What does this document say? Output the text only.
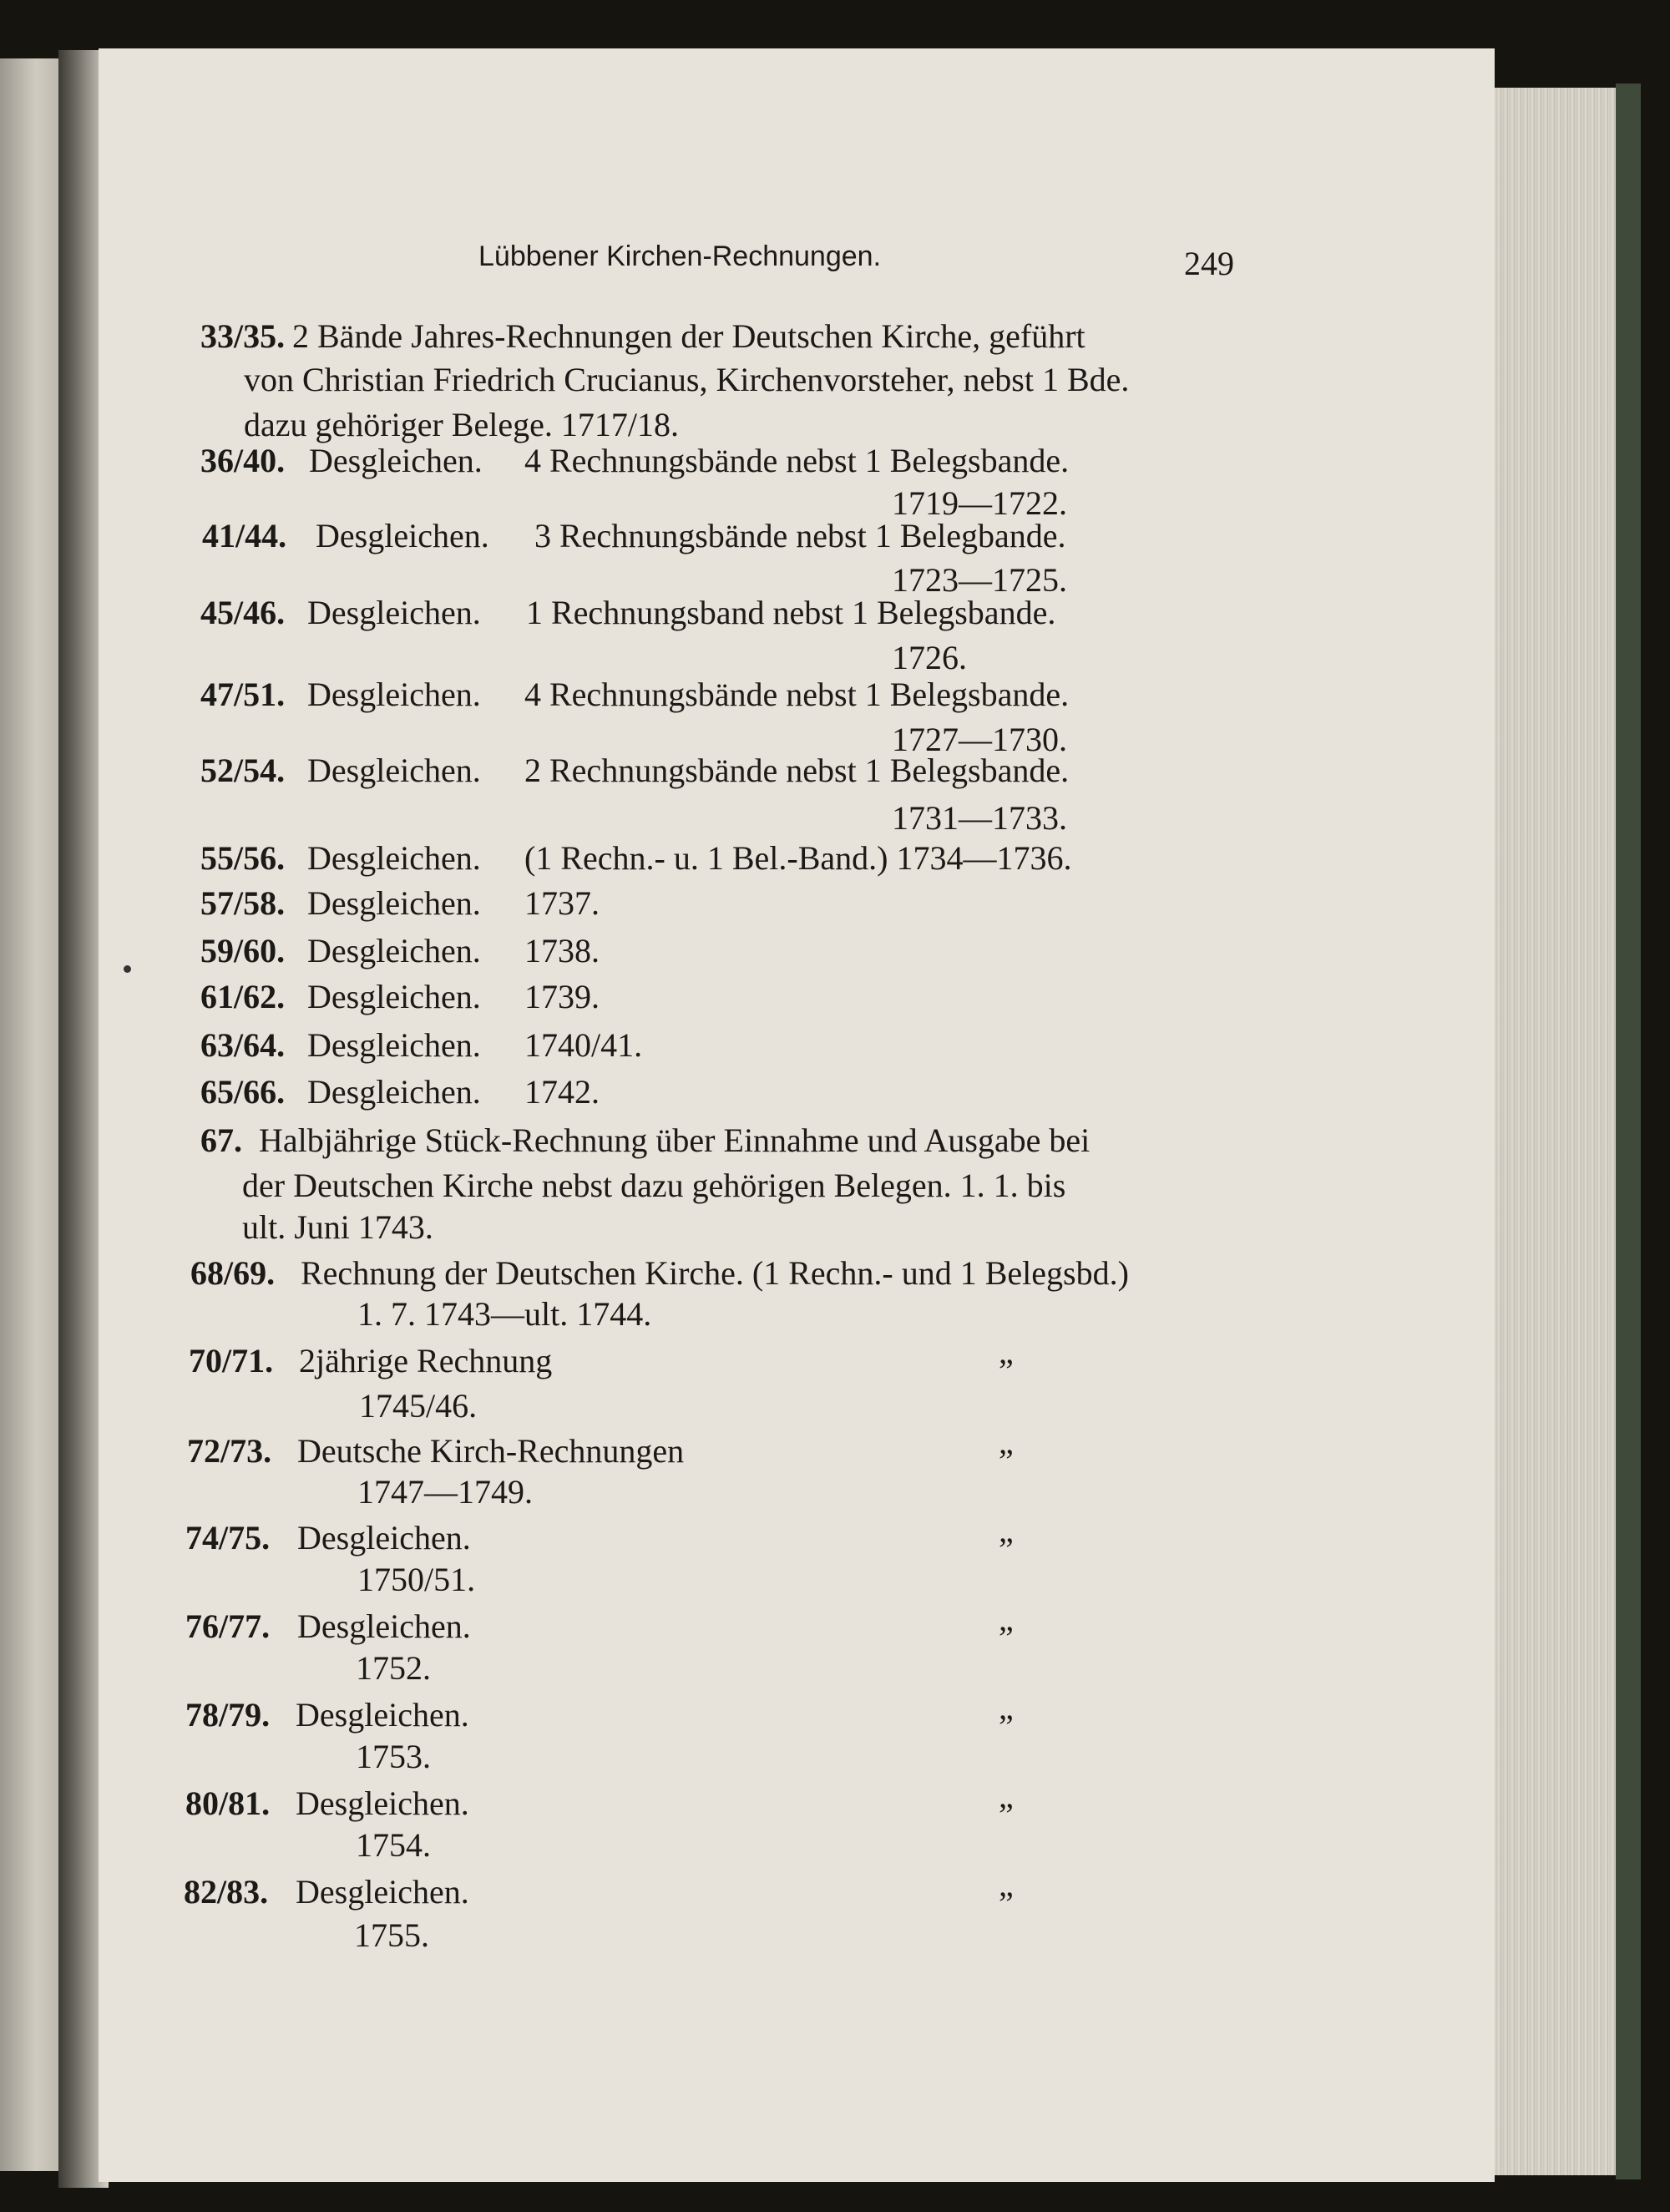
Lübbener Kirchen-Rechnungen.	249
33/35. 2 Bände Jahres-Rechnungen der Deutschen Kirche, geführt
von Christian Friedrich Crucianus, Kirchenvorsteher, nebst 1 Bde.
dazu gehöriger Belege. 1717/18.
36/40. Desgleichen. 4 Rechnungsbände nebst 1 Belegsbande.
1719—1722.
41/44. Desgleichen. 3 Rechnungsbände nebst 1 Belegbande.
1723—1725.
45/46. Desgleichen. 1 Rechnungsband nebst 1 Belegsbande.
1726.
47/51. Desgleichen. 4 Rechnungsbände nebst 1 Belegsbande.
1727—1730.
52/54. Desgleichen. 2 Rechnungsbände nebst 1 Belegsbande.
1731—1733.
55/56. Desgleichen. (1 Rechn.- u. 1 Bel.-Band.) 1734—1736.
57/58. Desgleichen. 1737.
59/60. Desgleichen. 1738.
61/62. Desgleichen. 1739.
63/64. Desgleichen. 1740/41.
65/66. Desgleichen. 1742.
67. Halbjährige Stück-Rechnung über Einnahme und Ausgabe bei
der Deutschen Kirche nebst dazu gehörigen Belegen. 1. 1. bis
ult. Juni 1743.
68/69. Rechnung der Deutschen Kirche. (1 Rechn.- und 1 Belegsbd.)
1. 7. 1743—ult. 1744.
70/71. 2jährige Rechnung	”
1745/46.
72/73. Deutsche Kirch-Rechnungen	”
1747—1749.
74/75. Desgleichen.	”
1750/51.
76/77. Desgleichen.	”
1752.
78/79. Desgleichen.	”
1753.
80/81. Desgleichen.	”
1754.
82/83. Desgleichen.	”
1755.
